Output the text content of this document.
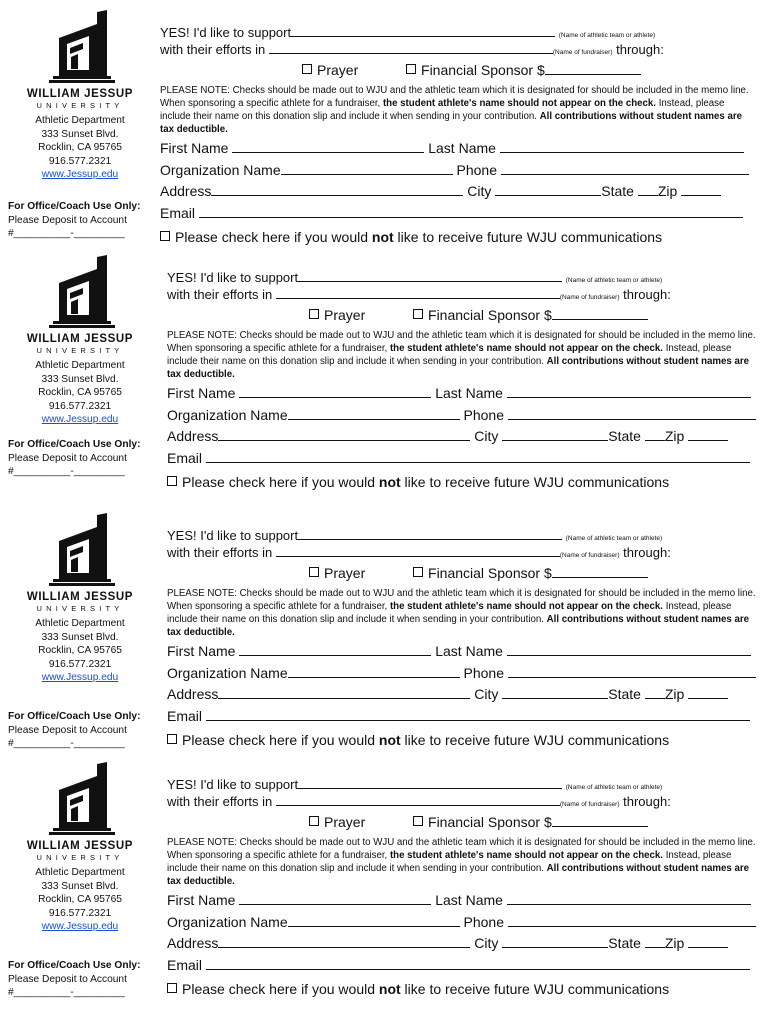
WILLIAM JESSUP
UNIVERSITY
Athletic Department
333 Sunset Blvd.
Rocklin, CA 95765
916.577.2321
www.Jessup.edu
For Office/Coach Use Only:
Please Deposit to Account
#__________-_________
YES! I'd like to support	(Name of athletic team or athlete)
with their efforts in	(Name of fundraiser) through:
Prayer	Financial Sponsor $
PLEASE NOTE: Checks should be made out to WJU and the athletic team which it is designated for should be included in the memo line. When sponsoring a specific athlete for a fundraiser, the student athlete's name should not appear on the check. Instead, please include their name on this donation slip and include it when sending in your contribution. All contributions without student names are tax deductible.
First Name	Last Name
Organization Name	Phone
Address	City	State Zip
Email
Please check here if you would not like to receive future WJU communications
WILLIAM JESSUP
UNIVERSITY
Athletic Department
333 Sunset Blvd.
Rocklin, CA 95765
916.577.2321
www.Jessup.edu
For Office/Coach Use Only:
Please Deposit to Account
#__________-_________
YES! I'd like to support	(Name of athletic team or athlete)
with their efforts in	(Name of fundraiser) through:
Prayer	Financial Sponsor $
PLEASE NOTE: Checks should be made out to WJU and the athletic team which it is designated for should be included in the memo line. When sponsoring a specific athlete for a fundraiser, the student athlete's name should not appear on the check. Instead, please include their name on this donation slip and include it when sending in your contribution. All contributions without student names are tax deductible.
First Name	Last Name
Organization Name	Phone
Address	City	State Zip
Email
Please check here if you would not like to receive future WJU communications
WILLIAM JESSUP
UNIVERSITY
Athletic Department
333 Sunset Blvd.
Rocklin, CA 95765
916.577.2321
www.Jessup.edu
For Office/Coach Use Only:
Please Deposit to Account
#__________-_________
YES! I'd like to support	(Name of athletic team or athlete)
with their efforts in	(Name of fundraiser) through:
Prayer	Financial Sponsor $
PLEASE NOTE: Checks should be made out to WJU and the athletic team which it is designated for should be included in the memo line. When sponsoring a specific athlete for a fundraiser, the student athlete's name should not appear on the check. Instead, please include their name on this donation slip and include it when sending in your contribution. All contributions without student names are tax deductible.
First Name	Last Name
Organization Name	Phone
Address	City	State Zip
Email
Please check here if you would not like to receive future WJU communications
WILLIAM JESSUP
UNIVERSITY
Athletic Department
333 Sunset Blvd.
Rocklin, CA 95765
916.577.2321
www.Jessup.edu
For Office/Coach Use Only:
Please Deposit to Account
#__________-_________
YES! I'd like to support	(Name of athletic team or athlete)
with their efforts in	(Name of fundraiser) through:
Prayer	Financial Sponsor $
PLEASE NOTE: Checks should be made out to WJU and the athletic team which it is designated for should be included in the memo line. When sponsoring a specific athlete for a fundraiser, the student athlete's name should not appear on the check. Instead, please include their name on this donation slip and include it when sending in your contribution. All contributions without student names are tax deductible.
First Name	Last Name
Organization Name	Phone
Address	City	State Zip
Email
Please check here if you would not like to receive future WJU communications
